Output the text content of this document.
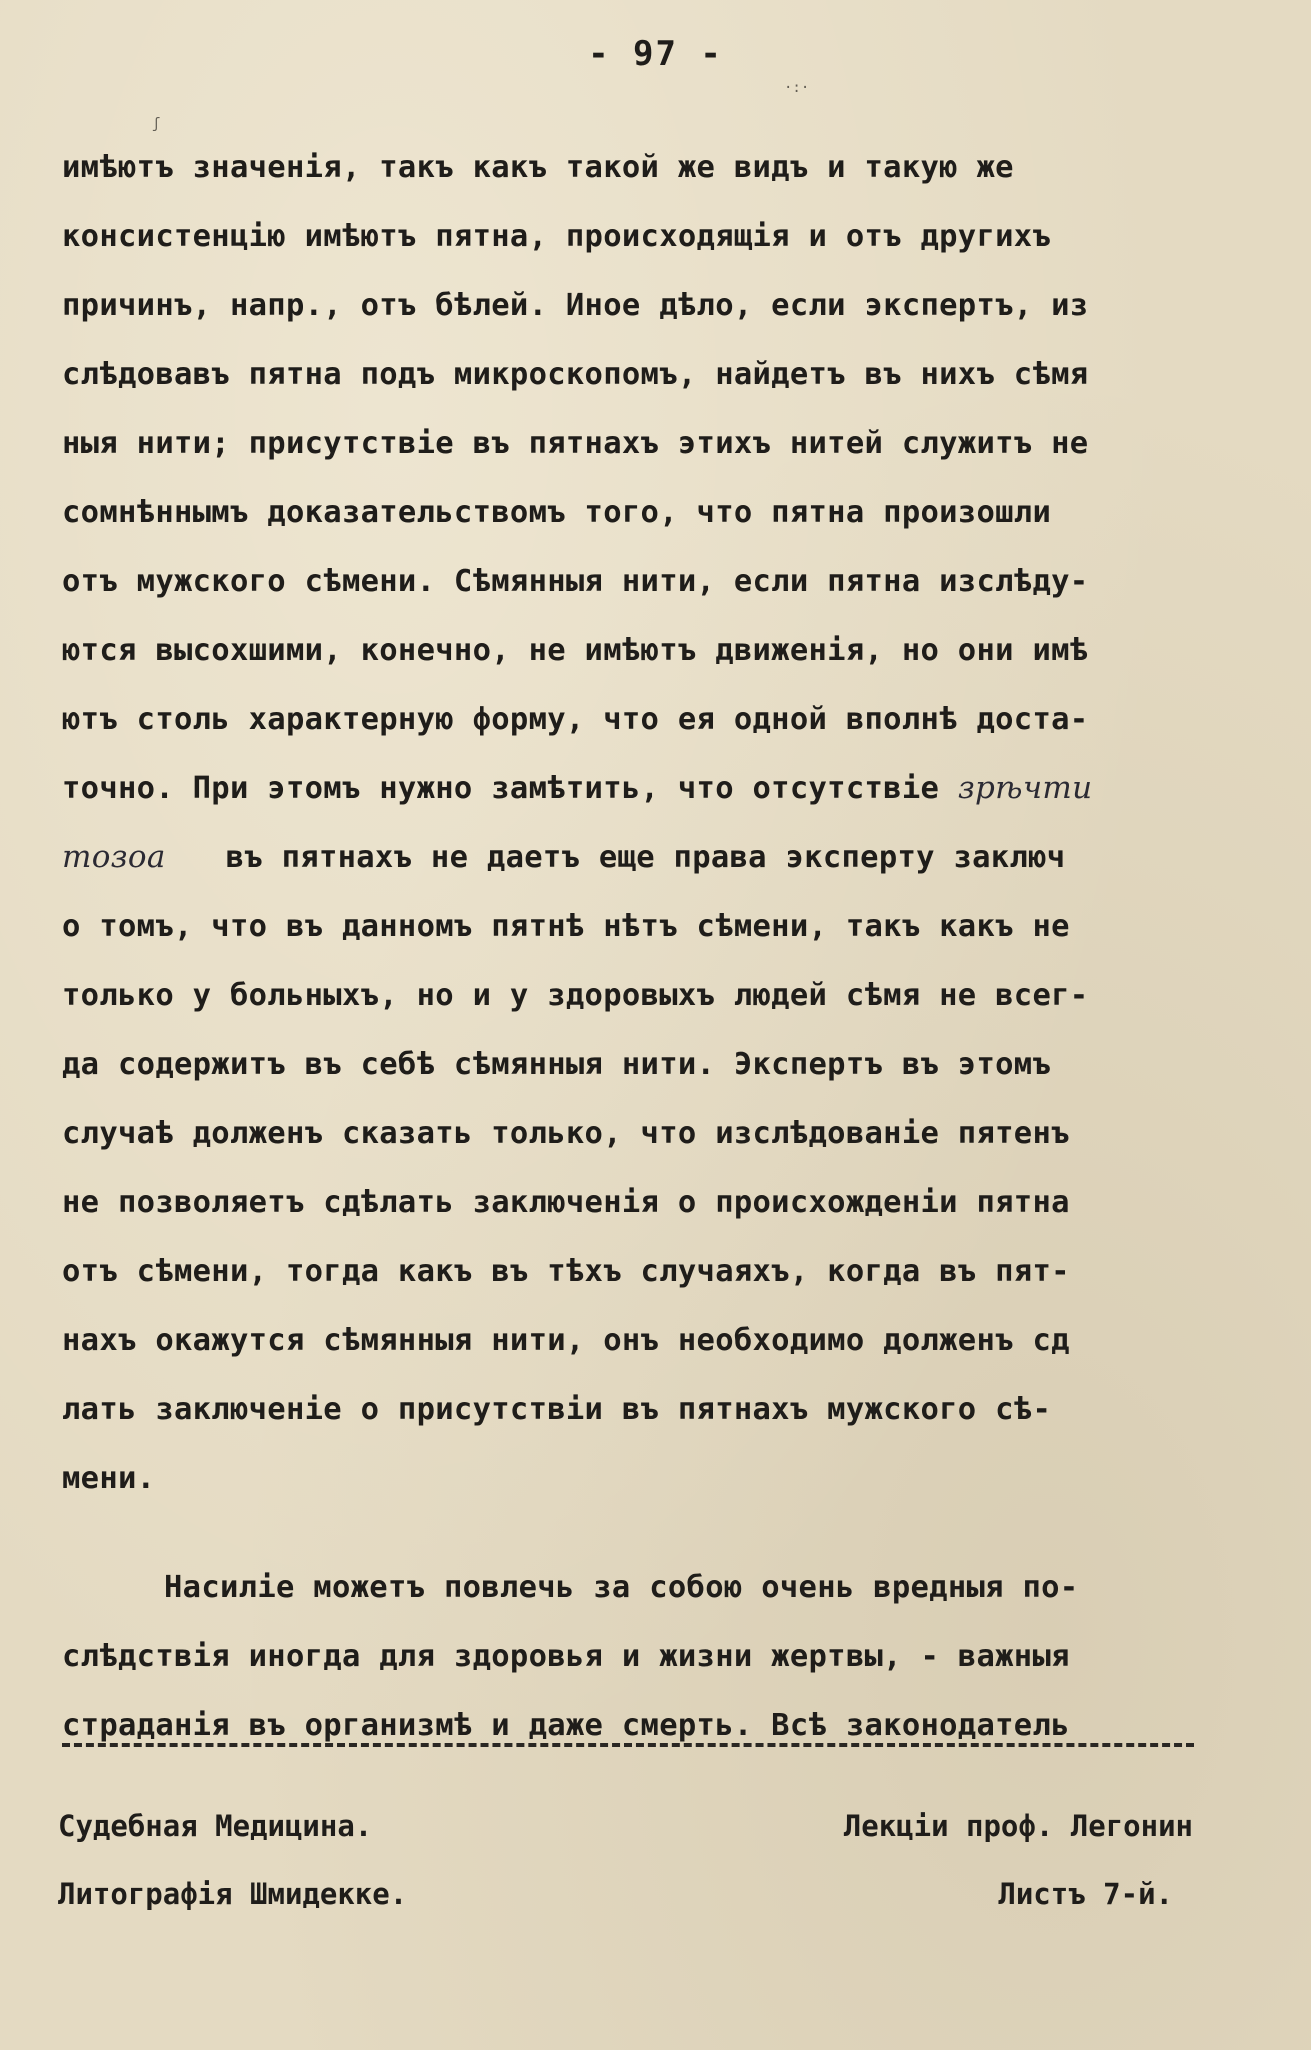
- 97 -
ʃ
·:·
имѣютъ значенія, такъ какъ такой же видъ и такую же
консистенцію имѣютъ пятна, происходящія и отъ другихъ
причинъ, напр., отъ бѣлей. Иное дѣло, если экспертъ, из
слѣдовавъ пятна подъ микроскопомъ, найдетъ въ нихъ сѣмя
ныя нити; присутствіе въ пятнахъ этихъ нитей служитъ не
сомнѣннымъ доказательствомъ того, что пятна произошли
отъ мужского сѣмени. Сѣмянныя нити, если пятна изслѣду-
ются высохшими, конечно, не имѣютъ движенія, но они имѣ
ютъ столь характерную форму, что ея одной вполнѣ доста-
точно. При этомъ нужно замѣтить, что отсутствіе зрѣчти
тозоа въ пятнахъ не даетъ еще права эксперту заключ
о томъ, что въ данномъ пятнѣ нѣтъ сѣмени, такъ какъ не
только у больныхъ, но и у здоровыхъ людей сѣмя не всег-
да содержитъ въ себѣ сѣмянныя нити. Экспертъ въ этомъ
случаѣ долженъ сказать только, что изслѣдованіе пятенъ
не позволяетъ сдѣлать заключенія о происхожденіи пятна
отъ сѣмени, тогда какъ въ тѣхъ случаяхъ, когда въ пят-
нахъ окажутся сѣмянныя нити, онъ необходимо долженъ сд
лать заключеніе о присутствіи въ пятнахъ мужского сѣ-
мени.
Насиліе можетъ повлечь за собою очень вредныя по-
слѣдствія иногда для здоровья и жизни жертвы, - важныя
страданія въ организмѣ и даже смерть. Всѣ законодатель
Судебная Медицина.
Литографія Шмидекке.
Лекціи проф. Легонин
Листъ 7-й.
